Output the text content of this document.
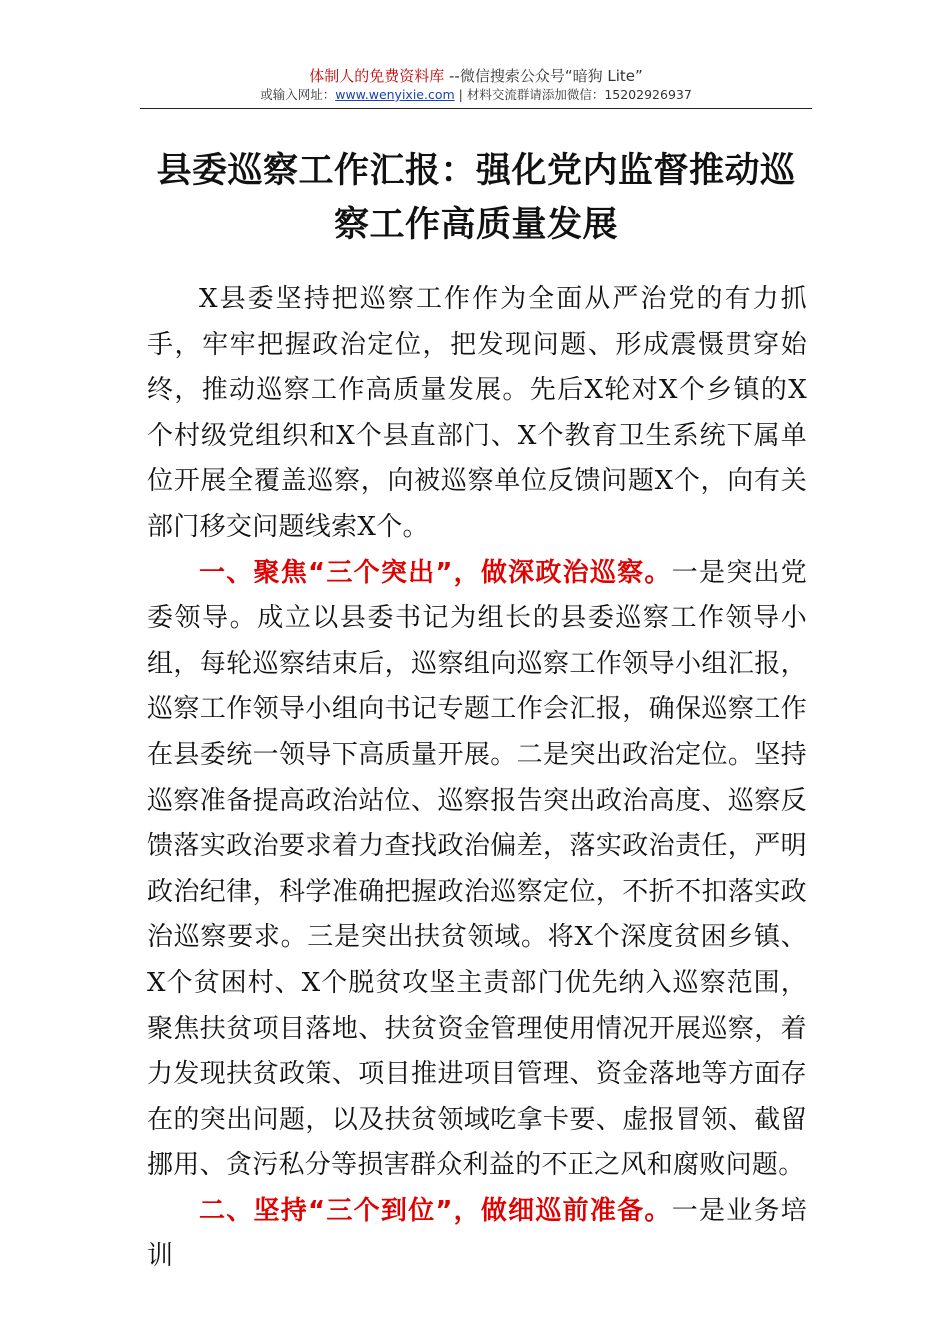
体制人的免费资料库 --微信搜索公众号“暗狗 Lite”
或输入网址：www.wenyixie.com | 材料交流群请添加微信：15202926937
县委巡察工作汇报：强化党内监督推动巡察工作高质量发展

X县委坚持把巡察工作作为全面从严治党的有力抓手，牢牢把握政治定位，把发现问题、形成震慑贯穿始终，推动巡察工作高质量发展。先后X轮对X个乡镇的X个村级党组织和X个县直部门、X个教育卫生系统下属单位开展全覆盖巡察，向被巡察单位反馈问题X个，向有关部门移交问题线索X个。

一、聚焦“三个突出”，做深政治巡察。一是突出党委领导。成立以县委书记为组长的县委巡察工作领导小组，每轮巡察结束后，巡察组向巡察工作领导小组汇报，巡察工作领导小组向书记专题工作会汇报，确保巡察工作在县委统一领导下高质量开展。二是突出政治定位。坚持巡察准备提高政治站位、巡察报告突出政治高度、巡察反馈落实政治要求着力查找政治偏差，落实政治责任，严明政治纪律，科学准确把握政治巡察定位，不折不扣落实政治巡察要求。三是突出扶贫领域。将X个深度贫困乡镇、X个贫困村、X个脱贫攻坚主责部门优先纳入巡察范围，聚焦扶贫项目落地、扶贫资金管理使用情况开展巡察，着力发现扶贫政策、项目推进项目管理、资金落地等方面存在的突出问题，以及扶贫领域吃拿卡要、虚报冒领、截留挪用、贪污私分等损害群众利益的不正之风和腐败问题。

二、坚持“三个到位”，做细巡前准备。一是业务培训
